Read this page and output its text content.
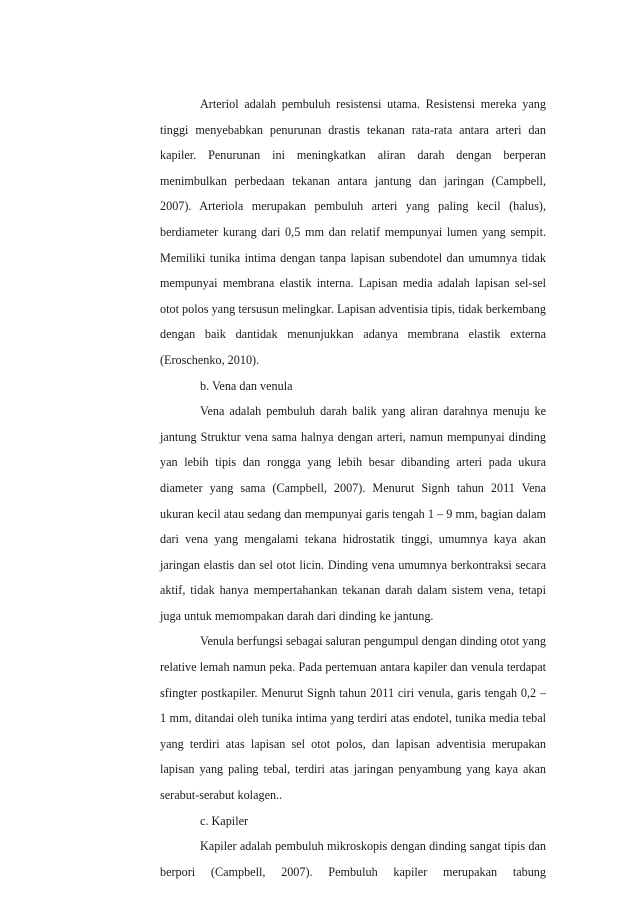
Arteriol adalah pembuluh resistensi utama. Resistensi mereka yang tinggi menyebabkan penurunan drastis tekanan rata-rata antara arteri dan kapiler. Penurunan ini meningkatkan aliran darah dengan berperan menimbulkan perbedaan tekanan antara jantung dan jaringan (Campbell, 2007). Arteriola merupakan pembuluh arteri yang paling kecil (halus), berdiameter kurang dari 0,5 mm dan relatif mempunyai lumen yang sempit. Memiliki tunika intima dengan tanpa lapisan subendotel dan umumnya tidak mempunyai membrana elastik interna. Lapisan media adalah lapisan sel-sel otot polos yang tersusun melingkar. Lapisan adventisia tipis, tidak berkembang dengan baik dantidak menunjukkan adanya membrana elastik externa (Eroschenko, 2010).

b. Vena dan venula

Vena adalah pembuluh darah balik yang aliran darahnya menuju ke jantung Struktur vena sama halnya dengan arteri, namun mempunyai dinding yan lebih tipis dan rongga yang lebih besar dibanding arteri pada ukura diameter yang sama (Campbell, 2007). Menurut Signh tahun 2011 Vena ukuran kecil atau sedang dan mempunyai garis tengah 1 – 9 mm, bagian dalam dari vena yang mengalami tekana hidrostatik tinggi, umumnya kaya akan jaringan elastis dan sel otot licin. Dinding vena umumnya berkontraksi secara aktif, tidak hanya mempertahankan tekanan darah dalam sistem vena, tetapi juga untuk memompakan darah dari dinding ke jantung.

Venula berfungsi sebagai saluran pengumpul dengan dinding otot yang relative lemah namun peka. Pada pertemuan antara kapiler dan venula terdapat sfingter postkapiler. Menurut Signh tahun 2011 ciri venula, garis tengah 0,2 – 1 mm, ditandai oleh tunika intima yang terdiri atas endotel, tunika media tebal yang terdiri atas lapisan sel otot polos, dan lapisan adventisia merupakan lapisan yang paling tebal, terdiri atas jaringan penyambung yang kaya akan serabut-serabut kolagen..

c. Kapiler

Kapiler adalah pembuluh mikroskopis dengan dinding sangat tipis dan berpori (Campbell, 2007). Pembuluh kapiler merupakan tabung
